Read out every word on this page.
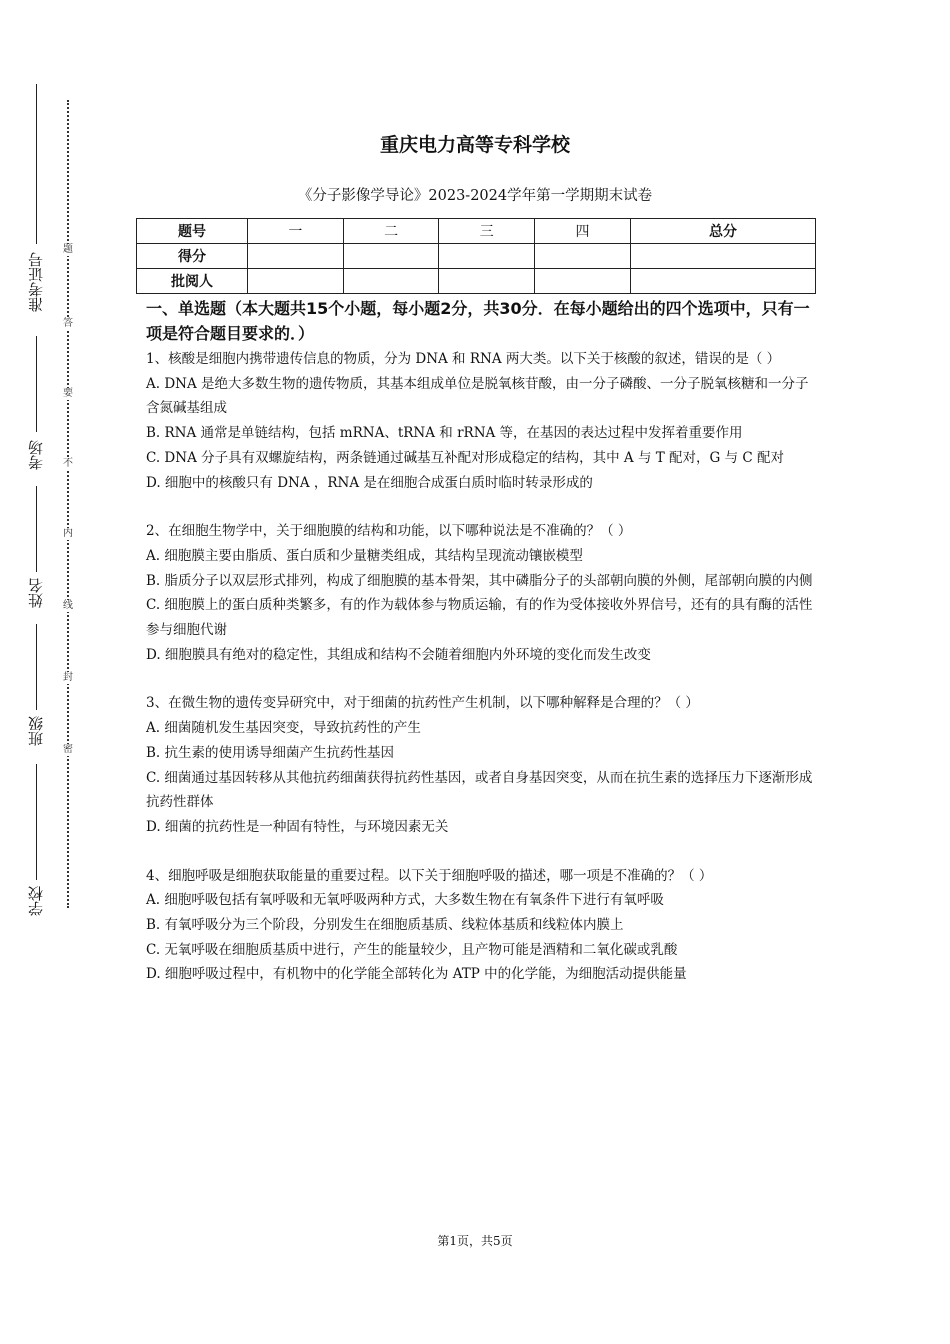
准考证号
考场
姓名
班级
学校
题
答
要
不
内
线
封
密
重庆电力高等专科学校
《分子影像学导论》2023-2024学年第一学期期末试卷
题号	一	二	三	四	总分
得分					
批阅人					
一、单选题（本大题共15个小题，每小题2分，共30分．在每小题给出的四个选项中，只有一项是符合题目要求的．）

1、核酸是细胞内携带遗传信息的物质，分为 DNA 和 RNA 两大类。以下关于核酸的叙述，错误的是（ ）

A. DNA 是绝大多数生物的遗传物质，其基本组成单位是脱氧核苷酸，由一分子磷酸、一分子脱氧核糖和一分子含氮碱基组成

B. RNA 通常是单链结构，包括 mRNA、tRNA 和 rRNA 等，在基因的表达过程中发挥着重要作用

C. DNA 分子具有双螺旋结构，两条链通过碱基互补配对形成稳定的结构，其中 A 与 T 配对，G 与 C 配对

D. 细胞中的核酸只有 DNA ，RNA 是在细胞合成蛋白质时临时转录形成的

2、在细胞生物学中，关于细胞膜的结构和功能，以下哪种说法是不准确的？（ ）

A. 细胞膜主要由脂质、蛋白质和少量糖类组成，其结构呈现流动镶嵌模型

B. 脂质分子以双层形式排列，构成了细胞膜的基本骨架，其中磷脂分子的头部朝向膜的外侧，尾部朝向膜的内侧

C. 细胞膜上的蛋白质种类繁多，有的作为载体参与物质运输，有的作为受体接收外界信号，还有的具有酶的活性参与细胞代谢

D. 细胞膜具有绝对的稳定性，其组成和结构不会随着细胞内外环境的变化而发生改变

3、在微生物的遗传变异研究中，对于细菌的抗药性产生机制，以下哪种解释是合理的？（ ）

A. 细菌随机发生基因突变，导致抗药性的产生

B. 抗生素的使用诱导细菌产生抗药性基因

C. 细菌通过基因转移从其他抗药细菌获得抗药性基因，或者自身基因突变，从而在抗生素的选择压力下逐渐形成抗药性群体

D. 细菌的抗药性是一种固有特性，与环境因素无关

4、细胞呼吸是细胞获取能量的重要过程。以下关于细胞呼吸的描述，哪一项是不准确的？（ ）

A. 细胞呼吸包括有氧呼吸和无氧呼吸两种方式，大多数生物在有氧条件下进行有氧呼吸

B. 有氧呼吸分为三个阶段，分别发生在细胞质基质、线粒体基质和线粒体内膜上

C. 无氧呼吸在细胞质基质中进行，产生的能量较少，且产物可能是酒精和二氧化碳或乳酸

D. 细胞呼吸过程中，有机物中的化学能全部转化为 ATP 中的化学能，为细胞活动提供能量

第1页，共5页
